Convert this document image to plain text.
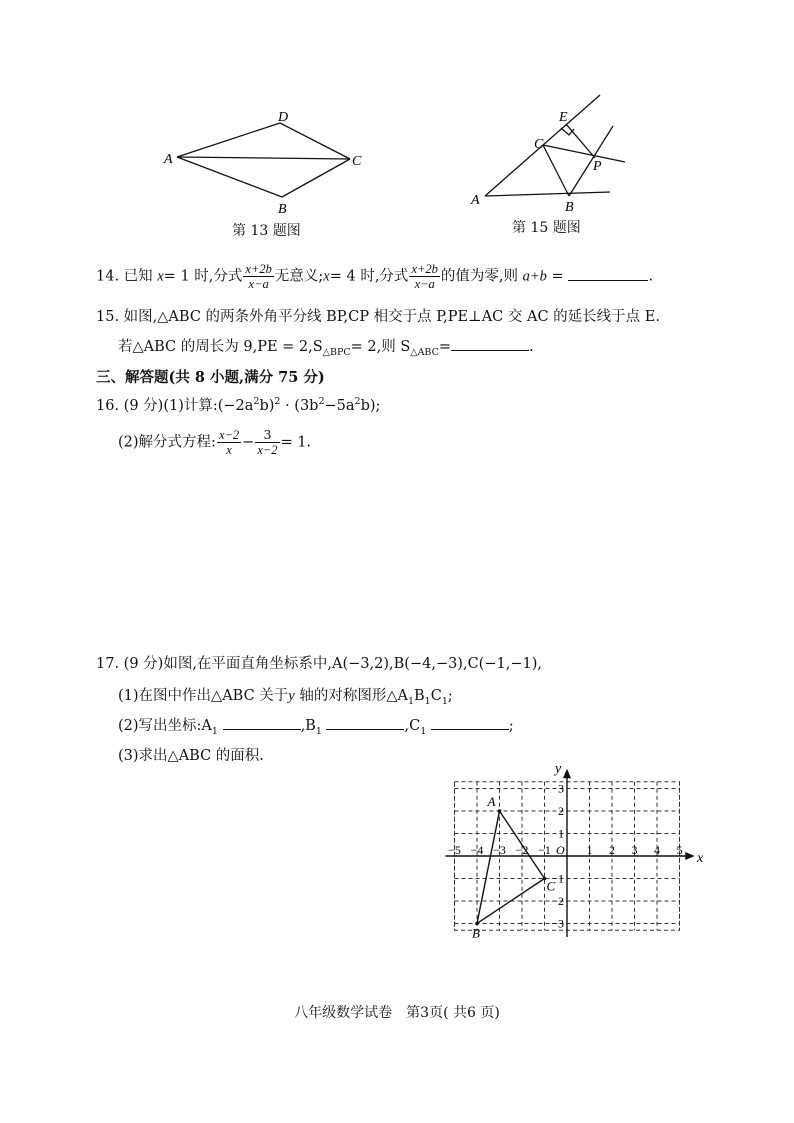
A
D
C
B
第 13 题图
E
C
P
A	B
第 15 题图
14. 已知 x= 1 时,分式 $\frac{x+2b}{x-a}$ 无意义;x= 4 时,分式 $\frac{x+2b}{x-a}$ 的值为零,则 a+b =	.
15. 如图,△ABC 的两条外角平分线 BP,CP 相交于点 P,PE⊥AC 交 AC 的延长线于点 E.
若△ABC 的周长为 $9,PE = 2,S_{\triangle BPC}= 2$,则 $S_{\triangle ABC}=$	.
三、解答题(共 8 小题,满分 75 分)
16. (9 分)(1)计算$:(-2a^2b)^2 \cdot (3b^2-5a^2b)$;
(2)解分式方程: $\frac{x-2}{x} - \frac{3}{x-2} = 1$.
17. (9 分)如图,在平面直角坐标系中,A(−3,2),B(−4,−3),C(−1,−1),
(1)在图中作出△ABC 关于y 轴的对称图形$\triangle A_1B_1C_1$;
(2)写出坐标$:A_1$	$,B_1$	$,C_1$	;
(3)求出△ABC 的面积.
x
y
O
−5 −4 −3 −2 −1	1 2 3 4 5
3
2
1
−1
−2
−3
A
B
C
八年级数学试卷　第3页( 共6 页)
